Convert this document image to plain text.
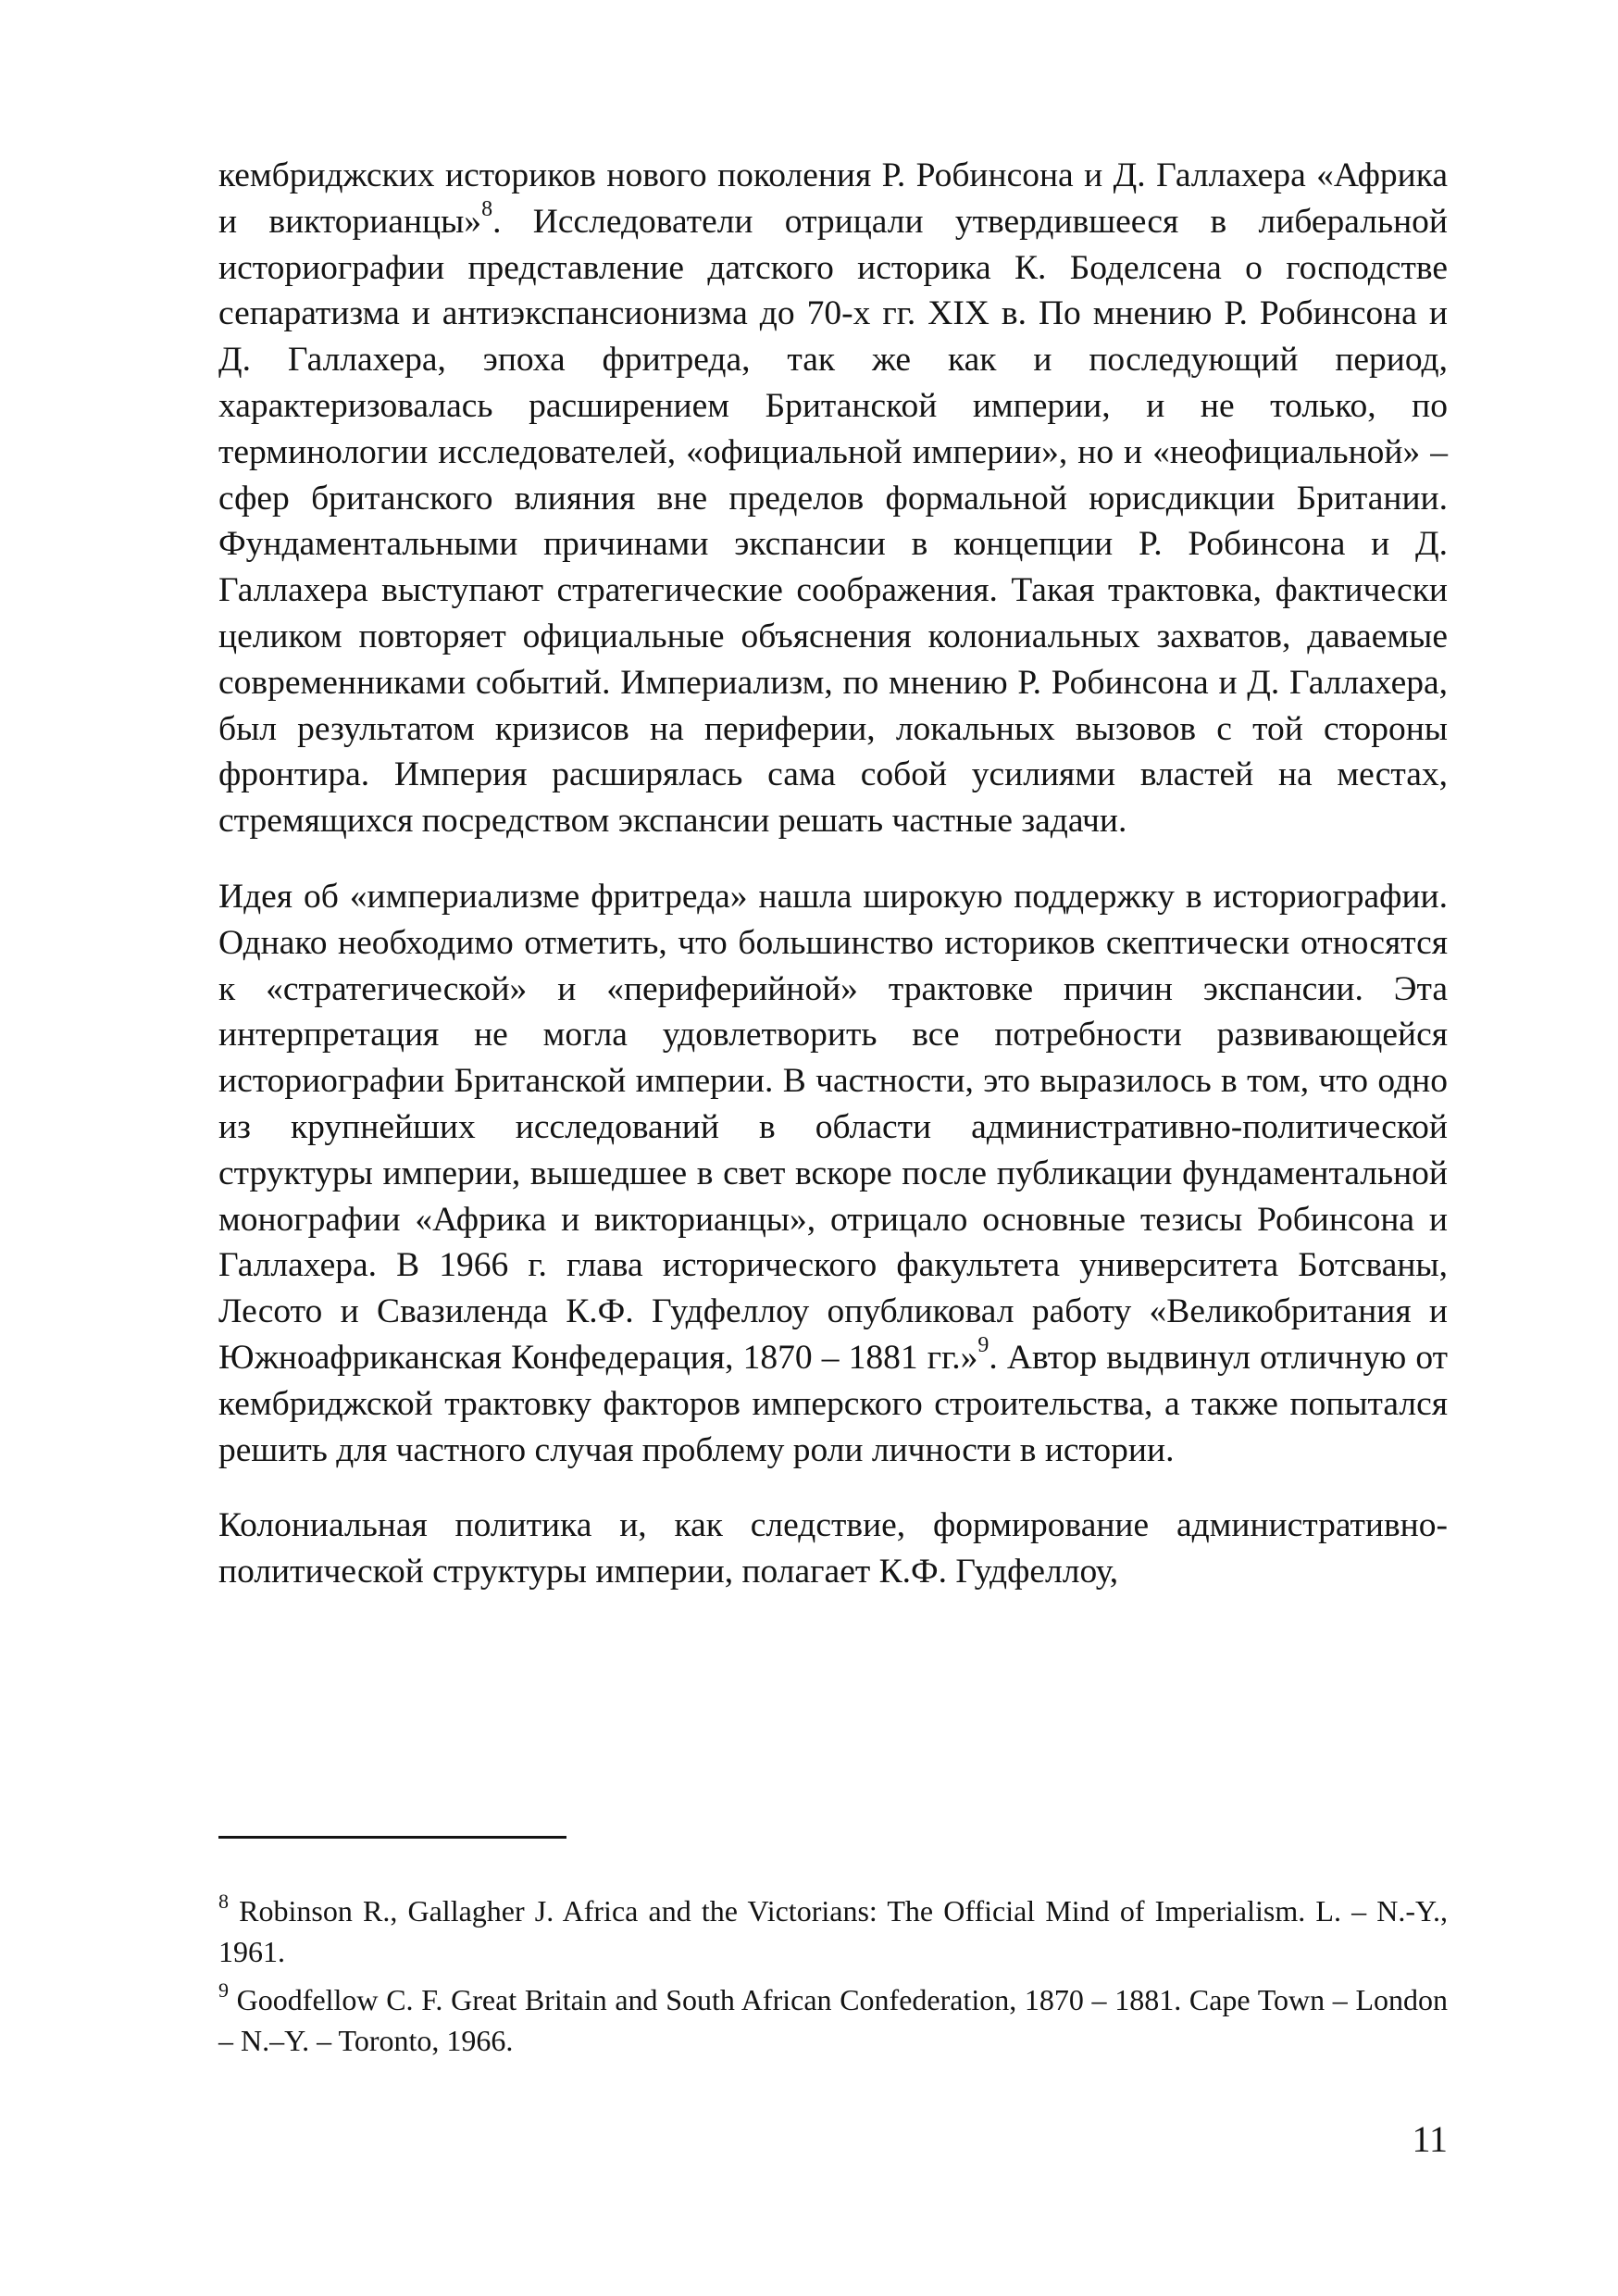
кембриджских историков нового поколения Р. Робинсона и Д. Галлахера «Африка и викторианцы»$^8$. Исследователи отрицали утвердившееся в либеральной историографии представление датского историка К. Боделсена о господстве сепаратизма и антиэкспансионизма до 70-х гг. XIX в. По мнению Р. Робинсона и Д. Галлахера, эпоха фритреда, так же как и последующий период, характеризовалась расширением Британской империи, и не только, по терминологии исследователей, «официальной империи», но и «неофициальной» – сфер британского влияния вне пределов формальной юрисдикции Британии. Фундаментальными причинами экспансии в концепции Р. Робинсона и Д. Галлахера выступают стратегические соображения. Такая трактовка, фактически целиком повторяет официальные объяснения колониальных захватов, даваемые современниками событий. Империализм, по мнению Р. Робинсона и Д. Галлахера, был результатом кризисов на периферии, локальных вызовов с той стороны фронтира. Империя расширялась сама собой усилиями властей на местах, стремящихся посредством экспансии решать частные задачи.

Идея об «империализме фритреда» нашла широкую поддержку в историографии. Однако необходимо отметить, что большинство историков скептически относятся к «стратегической» и «периферийной» трактовке причин экспансии. Эта интерпретация не могла удовлетворить все потребности развивающейся историографии Британской империи. В частности, это выразилось в том, что одно из крупнейших исследований в области административно-политической структуры империи, вышедшее в свет вскоре после публикации фундаментальной монографии «Африка и викторианцы», отрицало основные тезисы Робинсона и Галлахера. В 1966 г. глава исторического факультета университета Ботсваны, Лесото и Свазиленда К.Ф. Гудфеллоу опубликовал работу «Великобритания и Южноафриканская Конфедерация, 1870 – 1881 гг.»$^9$. Автор выдвинул отличную от кембриджской трактовку факторов имперского строительства, а также попытался решить для частного случая проблему роли личности в истории.

Колониальная политика и, как следствие, формирование административно-политической структуры империи, полагает К.Ф. Гудфеллоу,

$^8$ Robinson R., Gallagher J. Africa and the Victorians: The Official Mind of Imperialism. L. – N.-Y., 1961.

$^9$ Goodfellow C. F. Great Britain and South African Confederation, 1870 – 1881. Cape Town – London – N.–Y. – Toronto, 1966.

11
